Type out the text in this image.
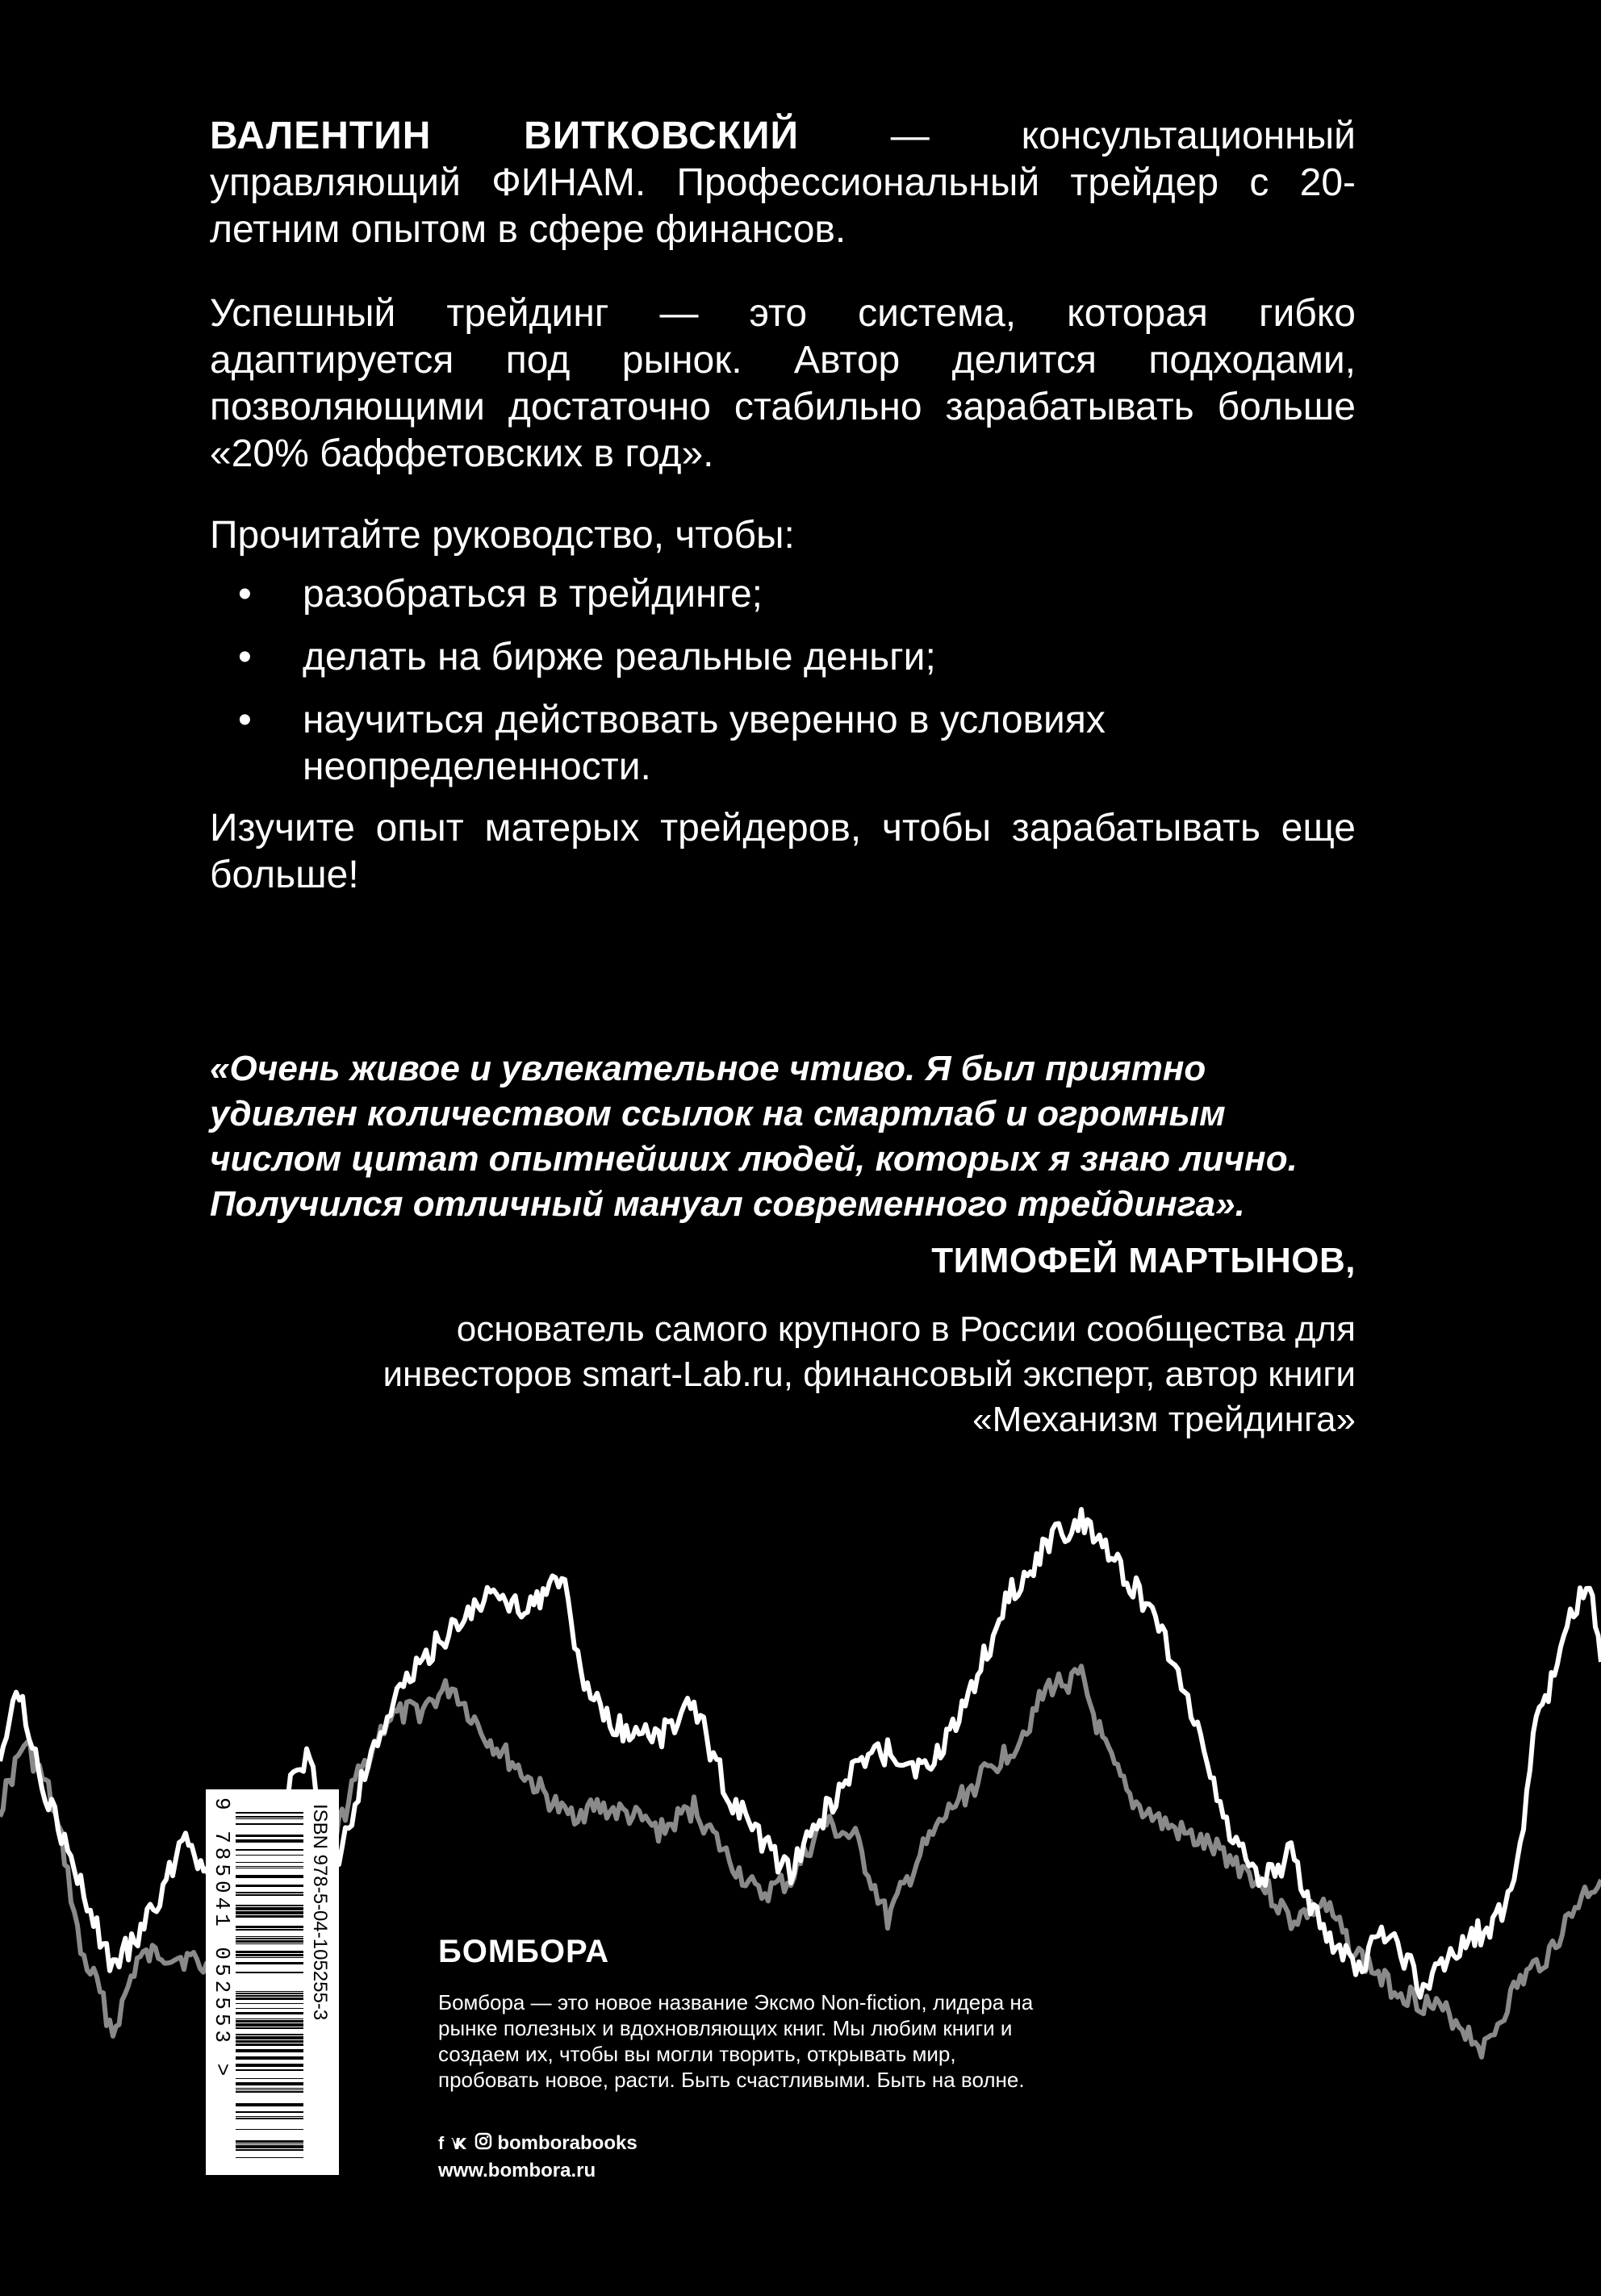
ВАЛЕНТИН ВИТКОВСКИЙ — консультационный управляющий ФИНАМ. Профессиональный трейдер с 20-летним опытом в сфере финансов.
Успешный трейдинг — это система, которая гибко адаптируется под рынок. Автор делится подходами, позволяющими достаточно стабильно зарабатывать больше «20% баффетовских в год».
Прочитайте руководство, чтобы:
• разобраться в трейдинге;
• делать на бирже реальные деньги;
• научиться действовать уверенно в условиях неопределенности.
Изучите опыт матерых трейдеров, чтобы зарабатывать еще больше!
«Очень живое и увлекательное чтиво. Я был приятно удивлен количеством ссылок на смартлаб и огромным числом цитат опытнейших людей, которых я знаю лично. Получился отличный мануал современного трейдинга».
ТИМОФЕЙ МАРТЫНОВ,
основатель самого крупного в России сообщества для инвесторов smart-Lab.ru, финансовый эксперт, автор книги «Механизм трейдинга»
ISBN 978-5-04-105255-3
9 785041 052553 >	БОМБОРА
Бомбора — это новое название Эксмо Non-fiction, лидера на рынке полезных и вдохновляющих книг. Мы любим книги и создаем их, чтобы вы могли творить, открывать мир, пробовать новое, расти. Быть счастливыми. Быть на волне.
f	bomborabooks
www.bombora.ru
